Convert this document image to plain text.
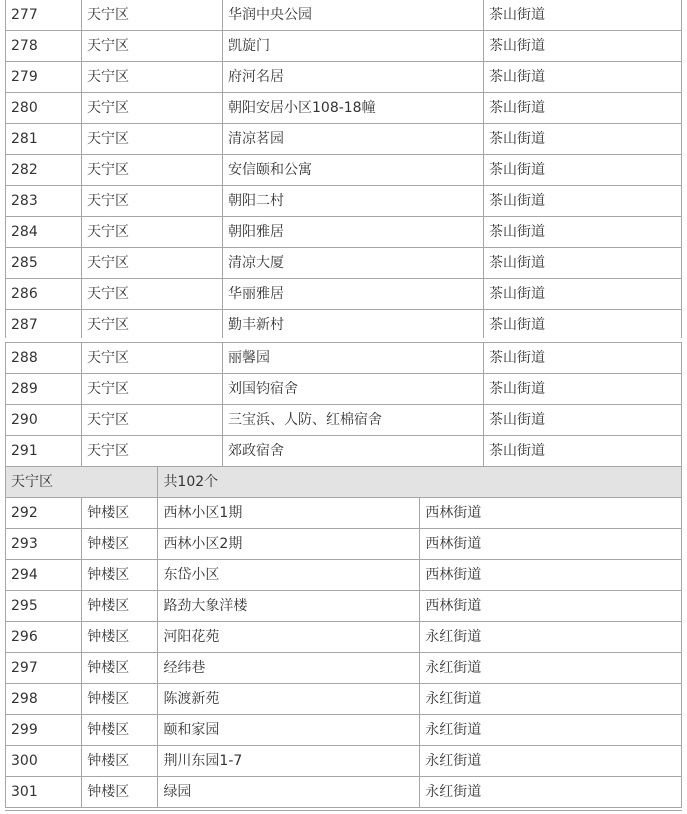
277	天宁区	华润中央公园	茶山街道
278	天宁区	凯旋门	茶山街道
279	天宁区	府河名居	茶山街道
280	天宁区	朝阳安居小区108-18幢	茶山街道
281	天宁区	清凉茗园	茶山街道
282	天宁区	安信颐和公寓	茶山街道
283	天宁区	朝阳二村	茶山街道
284	天宁区	朝阳雅居	茶山街道
285	天宁区	清凉大厦	茶山街道
286	天宁区	华丽雅居	茶山街道
287	天宁区	勤丰新村	茶山街道
288	天宁区	丽馨园	茶山街道
289	天宁区	刘国钧宿舍	茶山街道
290	天宁区	三宝浜、人防、红棉宿舍	茶山街道
291	天宁区	郊政宿舍	茶山街道
天宁区		共102个	
292	钟楼区	西林小区1期	西林街道
293	钟楼区	西林小区2期	西林街道
294	钟楼区	东岱小区	西林街道
295	钟楼区	路劲大象洋楼	西林街道
296	钟楼区	河阳花苑	永红街道
297	钟楼区	经纬巷	永红街道
298	钟楼区	陈渡新苑	永红街道
299	钟楼区	颐和家园	永红街道
300	钟楼区	荆川东园1-7	永红街道
301	钟楼区	绿园	永红街道
